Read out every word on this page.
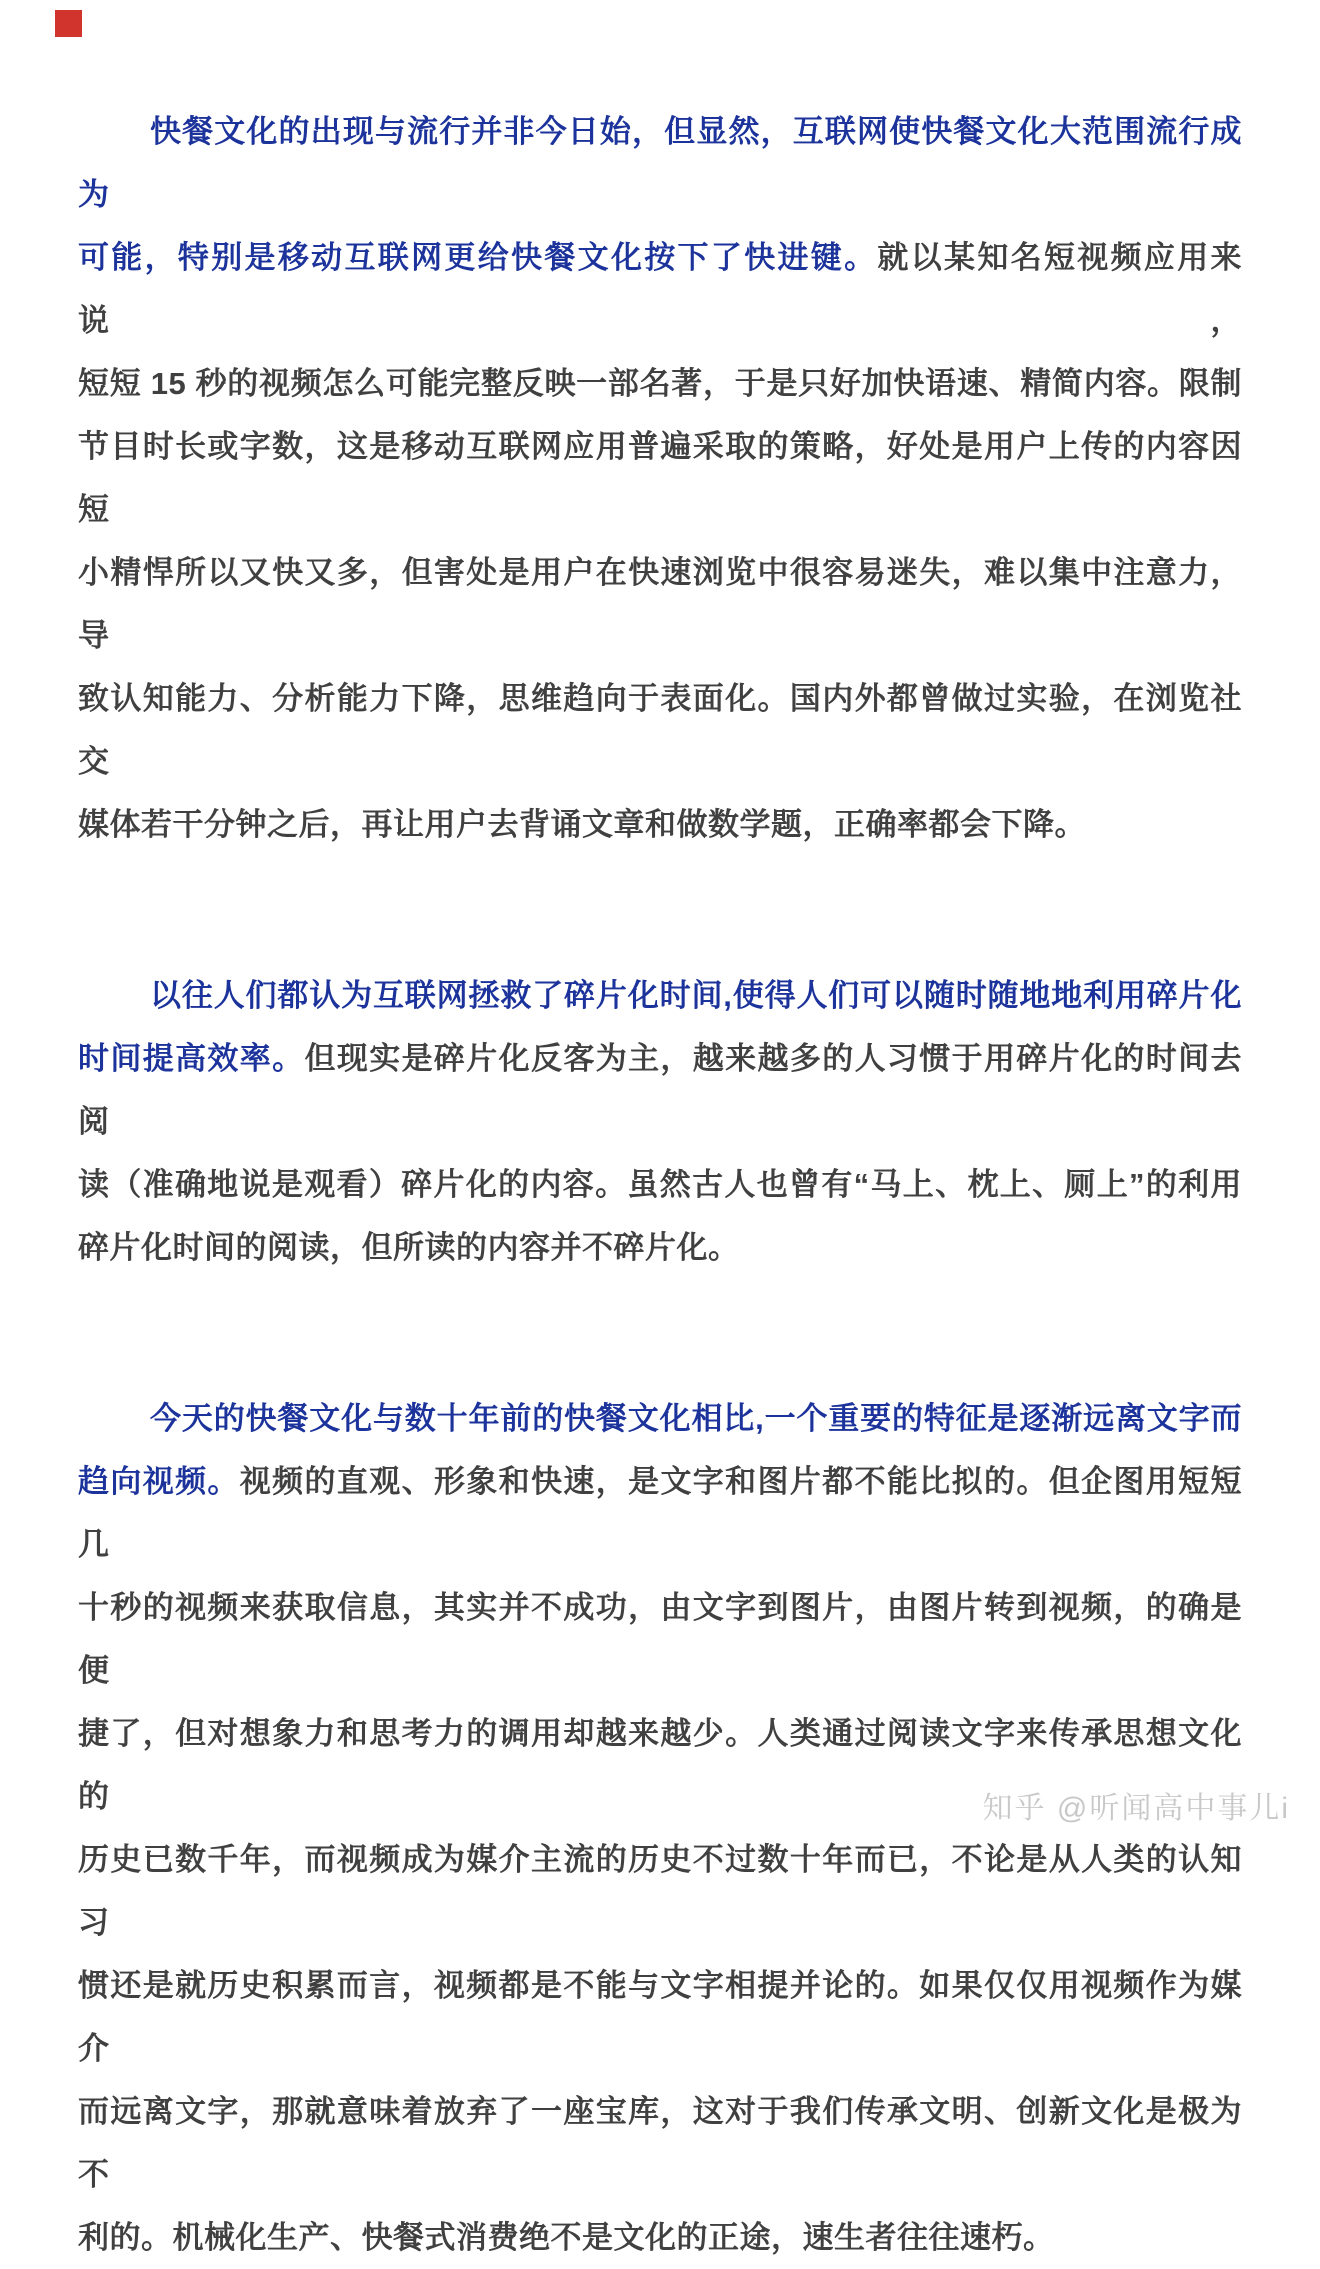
快餐文化的出现与流行并非今日始，但显然，互联网使快餐文化大范围流行成为
可能，特别是移动互联网更给快餐文化按下了快进键。就以某知名短视频应用来说，
短短 15 秒的视频怎么可能完整反映一部名著，于是只好加快语速、精简内容。限制
节目时长或字数，这是移动互联网应用普遍采取的策略，好处是用户上传的内容因短
小精悍所以又快又多，但害处是用户在快速浏览中很容易迷失，难以集中注意力，导
致认知能力、分析能力下降，思维趋向于表面化。国内外都曾做过实验，在浏览社交
媒体若干分钟之后，再让用户去背诵文章和做数学题，正确率都会下降。
以往人们都认为互联网拯救了碎片化时间,使得人们可以随时随地地利用碎片化
时间提高效率。但现实是碎片化反客为主，越来越多的人习惯于用碎片化的时间去阅
读（准确地说是观看）碎片化的内容。虽然古人也曾有“马上、枕上、厕上”的利用
碎片化时间的阅读，但所读的内容并不碎片化。
今天的快餐文化与数十年前的快餐文化相比,一个重要的特征是逐渐远离文字而
趋向视频。视频的直观、形象和快速，是文字和图片都不能比拟的。但企图用短短几
十秒的视频来获取信息，其实并不成功，由文字到图片，由图片转到视频，的确是便
捷了，但对想象力和思考力的调用却越来越少。人类通过阅读文字来传承思想文化的
历史已数千年，而视频成为媒介主流的历史不过数十年而已，不论是从人类的认知习
惯还是就历史积累而言，视频都是不能与文字相提并论的。如果仅仅用视频作为媒介
而远离文字，那就意味着放弃了一座宝库，这对于我们传承文明、创新文化是极为不
利的。机械化生产、快餐式消费绝不是文化的正途，速生者往往速朽。
知乎 @听闻高中事儿i
